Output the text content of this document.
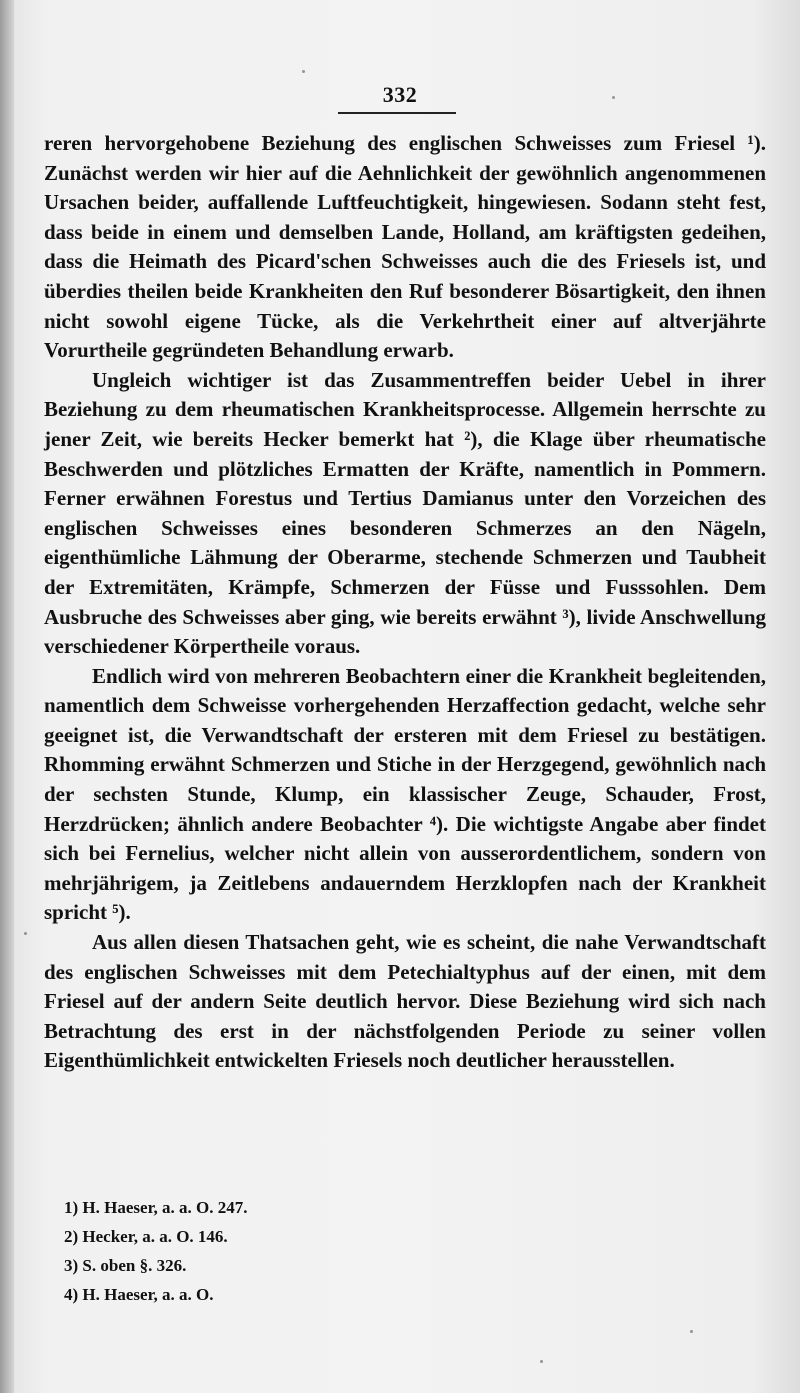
332

reren hervorgehobene Beziehung des englischen Schweisses zum Friesel ¹). Zunächst werden wir hier auf die Aehnlichkeit der gewöhnlich angenommenen Ursachen beider, auffallende Luftfeuchtigkeit, hingewiesen. Sodann steht fest, dass beide in einem und demselben Lande, Holland, am kräftigsten gedeihen, dass die Heimath des Picard'schen Schweisses auch die des Friesels ist, und überdies theilen beide Krankheiten den Ruf besonderer Bösartigkeit, den ihnen nicht sowohl eigene Tücke, als die Verkehrtheit einer auf altverjährte Vorurtheile gegründeten Behandlung erwarb.

Ungleich wichtiger ist das Zusammentreffen beider Uebel in ihrer Beziehung zu dem rheumatischen Krankheitsprocesse. Allgemein herrschte zu jener Zeit, wie bereits Hecker bemerkt hat ²), die Klage über rheumatische Beschwerden und plötzliches Ermatten der Kräfte, namentlich in Pommern. Ferner erwähnen Forestus und Tertius Damianus unter den Vorzeichen des englischen Schweisses eines besonderen Schmerzes an den Nägeln, eigenthümliche Lähmung der Oberarme, stechende Schmerzen und Taubheit der Extremitäten, Krämpfe, Schmerzen der Füsse und Fusssohlen. Dem Ausbruche des Schweisses aber ging, wie bereits erwähnt ³), livide Anschwellung verschiedener Körpertheile voraus.

Endlich wird von mehreren Beobachtern einer die Krankheit begleitenden, namentlich dem Schweisse vorhergehenden Herzaffection gedacht, welche sehr geeignet ist, die Verwandtschaft der ersteren mit dem Friesel zu bestätigen. Rhomming erwähnt Schmerzen und Stiche in der Herzgegend, gewöhnlich nach der sechsten Stunde, Klump, ein klassischer Zeuge, Schauder, Frost, Herzdrücken; ähnlich andere Beobachter ⁴). Die wichtigste Angabe aber findet sich bei Fernelius, welcher nicht allein von ausserordentlichem, sondern von mehrjährigem, ja Zeitlebens andauerndem Herzklopfen nach der Krankheit spricht ⁵).

Aus allen diesen Thatsachen geht, wie es scheint, die nahe Verwandtschaft des englischen Schweisses mit dem Petechialtyphus auf der einen, mit dem Friesel auf der andern Seite deutlich hervor. Diese Beziehung wird sich nach Betrachtung des erst in der nächstfolgenden Periode zu seiner vollen Eigenthümlichkeit entwickelten Friesels noch deutlicher herausstellen.

1) H. Haeser, a. a. O. 247.

2) Hecker, a. a. O. 146.

3) S. oben §. 326.

4) H. Haeser, a. a. O.
